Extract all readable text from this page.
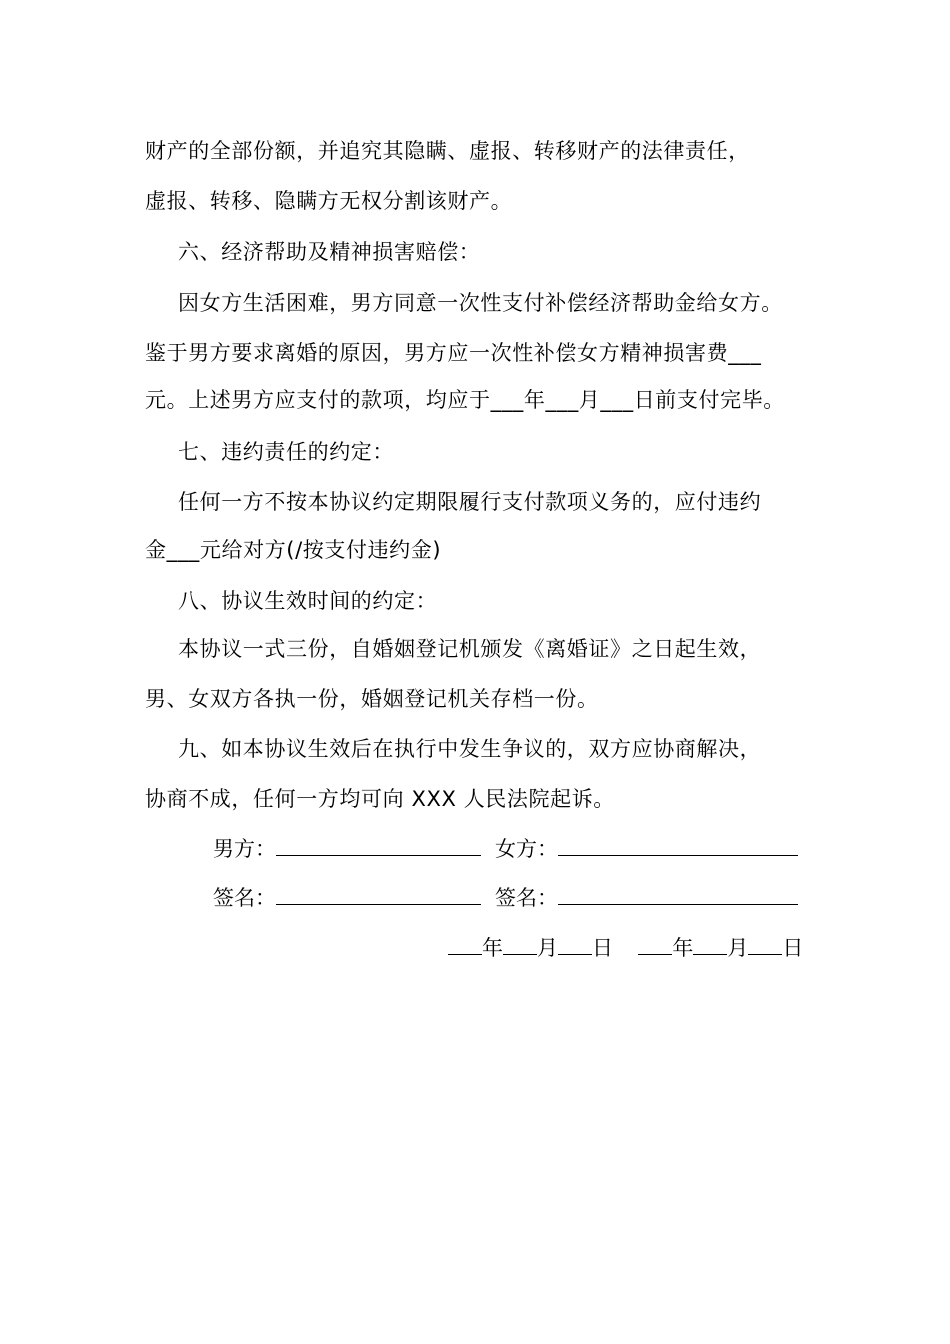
财产的全部份额，并追究其隐瞒、虚报、转移财产的法律责任，
虚报、转移、隐瞒方无权分割该财产。
六、经济帮助及精神损害赔偿：
因女方生活困难，男方同意一次性支付补偿经济帮助金给女方。
鉴于男方要求离婚的原因，男方应一次性补偿女方精神损害费___
元。上述男方应支付的款项，均应于___年___月___日前支付完毕。
七、违约责任的约定：
任何一方不按本协议约定期限履行支付款项义务的，应付违约
金___元给对方(/按支付违约金)
八、协议生效时间的约定：
本协议一式三份，自婚姻登记机颁发《离婚证》之日起生效，
男、女双方各执一份，婚姻登记机关存档一份。
九、如本协议生效后在执行中发生争议的，双方应协商解决，
协商不成，任何一方均可向 XXX 人民法院起诉。
男方：	女方：
签名：	签名：
年 月 日	年 月 日
